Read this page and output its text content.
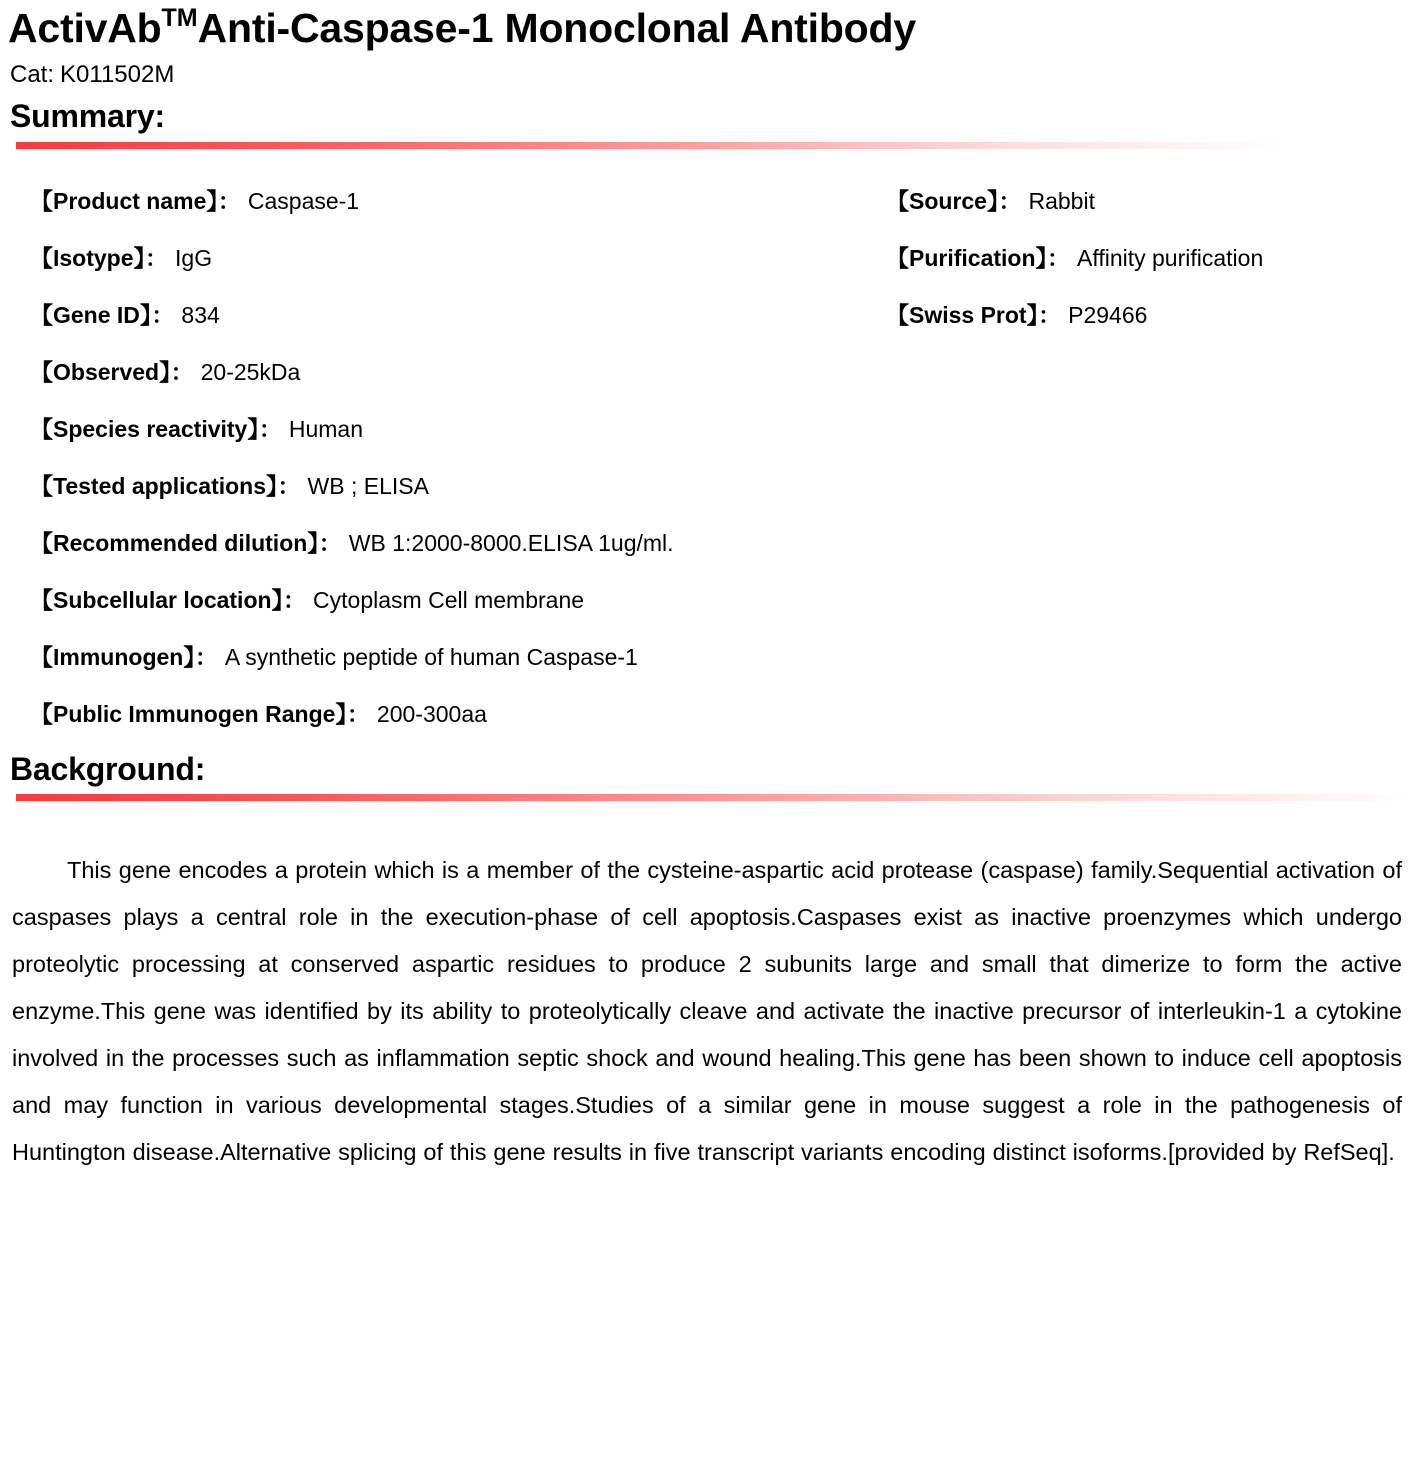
ActivAb™Anti-Caspase-1 Monoclonal Antibody
Cat: K011502M
Summary:
【Product name】： Caspase-1
【Isotype】： IgG
【Gene ID】： 834
【Observed】： 20-25kDa
【Species reactivity】： Human
【Tested applications】： WB ; ELISA
【Recommended dilution】： WB 1:2000-8000.ELISA 1ug/ml.
【Subcellular location】： Cytoplasm Cell membrane
【Immunogen】： A synthetic peptide of human Caspase-1
【Public Immunogen Range】： 200-300aa
【Source】： Rabbit
【Purification】： Affinity purification
【Swiss Prot】： P29466
Background:

This gene encodes a protein which is a member of the cysteine-aspartic acid protease (caspase) family.Sequential activation of caspases plays a central role in the execution-phase of cell apoptosis.Caspases exist as inactive proenzymes which undergo proteolytic processing at conserved aspartic residues to produce 2 subunits large and small that dimerize to form the active enzyme.This gene was identified by its ability to proteolytically cleave and activate the inactive precursor of interleukin-1 a cytokine involved in the processes such as inflammation septic shock and wound healing.This gene has been shown to induce cell apoptosis and may function in various developmental stages.Studies of a similar gene in mouse suggest a role in the pathogenesis of Huntington disease.Alternative splicing of this gene results in five transcript variants encoding distinct isoforms.[provided by RefSeq].
